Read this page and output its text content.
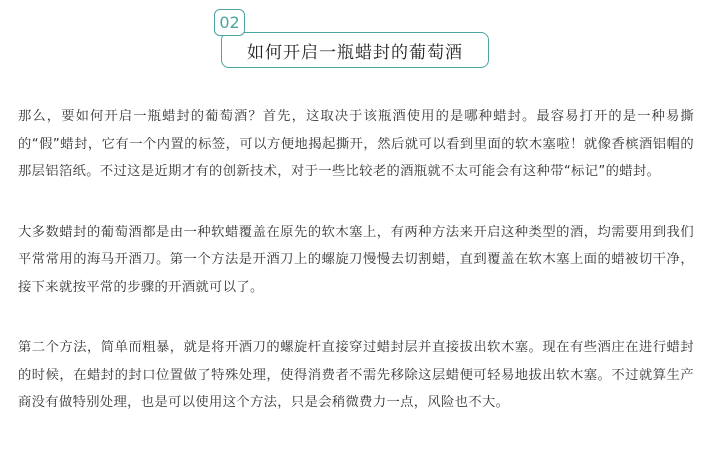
02
如何开启一瓶蜡封的葡萄酒

那么，要如何开启一瓶蜡封的葡萄酒？首先，这取决于该瓶酒使用的是哪种蜡封。最容易打开的是一种易撕的“假”蜡封，它有一个内置的标签，可以方便地揭起撕开，然后就可以看到里面的软木塞啦！就像香槟酒铝帽的那层铝箔纸。不过这是近期才有的创新技术，对于一些比较老的酒瓶就不太可能会有这种带“标记”的蜡封。

大多数蜡封的葡萄酒都是由一种软蜡覆盖在原先的软木塞上，有两种方法来开启这种类型的酒，均需要用到我们平常常用的海马开酒刀。第一个方法是开酒刀上的螺旋刀慢慢去切割蜡，直到覆盖在软木塞上面的蜡被切干净，接下来就按平常的步骤的开酒就可以了。

第二个方法，简单而粗暴，就是将开酒刀的螺旋杆直接穿过蜡封层并直接拔出软木塞。现在有些酒庄在进行蜡封的时候，在蜡封的封口位置做了特殊处理，使得消费者不需先移除这层蜡便可轻易地拔出软木塞。不过就算生产商没有做特别处理，也是可以使用这个方法，只是会稍微费力一点，风险也不大。
